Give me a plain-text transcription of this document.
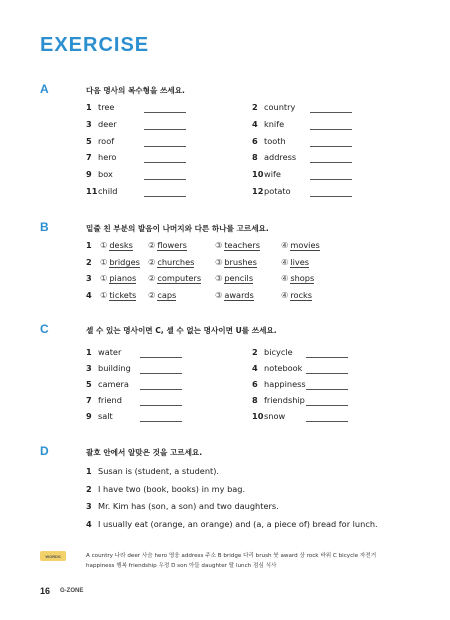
EXERCISE
A	다음 명사의 복수형을 쓰세요.
1 tree	2 country
3 deer	4 knife
5 roof	6 tooth
7 hero	8 address
9 box	10wife
11child	12potato
B	밑줄 친 부분의 발음이 나머지와 다른 하나를 고르세요.
1	① desks ② flowers	③ teachers	④ movies
2	① bridges ② churches	③ brushes	④ lives
3	① pianos ② computers ③ pencils	④ shops
4	① tickets ② caps	③ awards	④ rocks
C	셀 수 있는 명사이면 C, 셀 수 없는 명사이면 U를 쓰세요.
1 water	2 bicycle
3 building	4 notebook
5 camera	6 happiness
7 friend	8 friendship
9 salt	10snow
D	괄호 안에서 알맞은 것을 고르세요.
1 Susan is (student, a student).
2 I have two (book, books) in my bag.
3 Mr. Kim has (son, a son) and two daughters.
4 I usually eat (orange, an orange) and (a, a piece of) bread for lunch.
WORDS	A country 나라 deer 사슴 hero 영웅 address 주소 B bridge 다리 brush 붓 award 상 rock 바위 C bicycle 자전거
happiness 행복 friendship 우정 D son 아들 daughter 딸 lunch 점심 식사
16 G-ZONE
